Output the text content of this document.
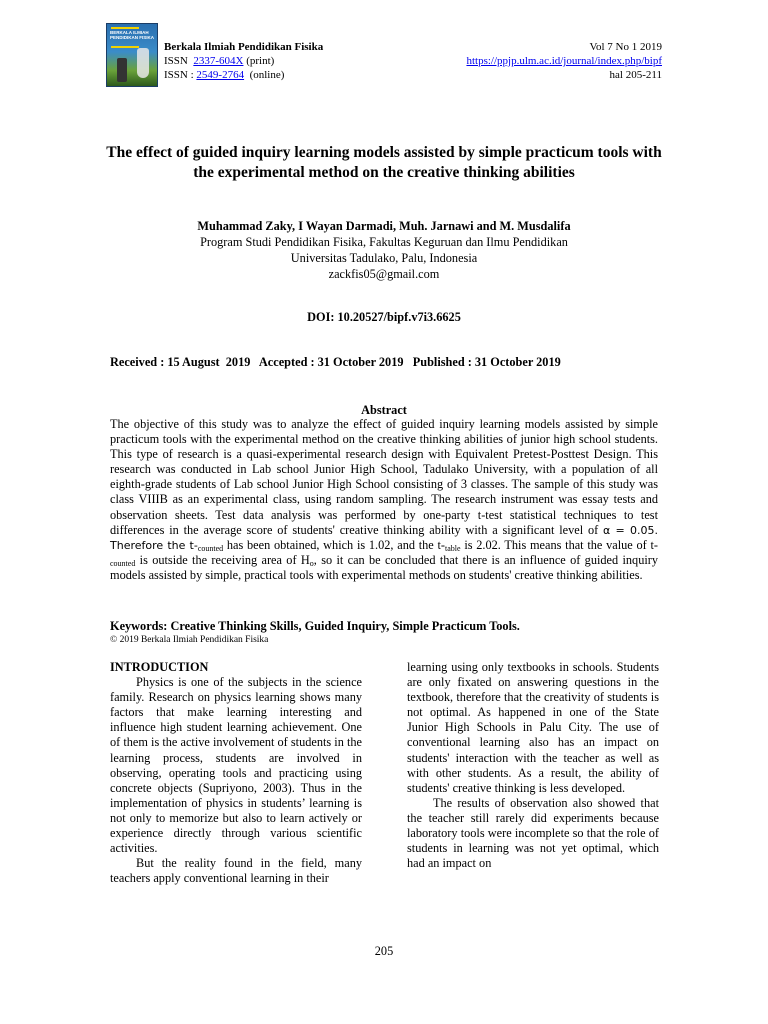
BERKALA ILMIAH PENDIDIKAN FISIKA
Berkala Ilmiah Pendidikan Fisika
ISSN 2337-604X (print)
ISSN : 2549-2764 (online)
Vol 7 No 1 2019
https://ppjp.ulm.ac.id/journal/index.php/bipf
hal 205-211
The effect of guided inquiry learning models assisted by simple practicum tools with the experimental method on the creative thinking abilities
Muhammad Zaky, I Wayan Darmadi, Muh. Jarnawi and M. Musdalifa
Program Studi Pendidikan Fisika, Fakultas Keguruan dan Ilmu Pendidikan
Universitas Tadulako, Palu, Indonesia
zackfis05@gmail.com
DOI: 10.20527/bipf.v7i3.6625
Received : 15 August  2019   Accepted : 31 October 2019   Published : 31 October 2019
Abstract
The objective of this study was to analyze the effect of guided inquiry learning models assisted by simple practicum tools with the experimental method on the creative thinking abilities of junior high school students. This type of research is a quasi-experimental research design with Equivalent Pretest-Posttest Design. This research was conducted in Lab school Junior High School, Tadulako University, with a population of all eighth-grade students of Lab school Junior High School consisting of 3 classes. The sample of this study was class VIIIB as an experimental class, using random sampling. The research instrument was essay tests and observation sheets. Test data analysis was performed by one-party t-test statistical techniques to test differences in the average score of students' creative thinking ability with a significant level of α = 0.05. Therefore the $t-_{counted}$ has been obtained, which is 1.02, and the $t-_{table}$ is 2.02. This means that the value of $t-_{counted}$ is outside the receiving area of $H_o$, so it can be concluded that there is an influence of guided inquiry models assisted by simple, practical tools with experimental methods on students' creative thinking abilities.
Keywords: Creative Thinking Skills, Guided Inquiry, Simple Practicum Tools.
© 2019 Berkala Ilmiah Pendidikan Fisika

INTRODUCTION

Physics is one of the subjects in the science family. Research on physics learning shows many factors that make learning interesting and influence high student learning achievement. One of them is the active involvement of students in the learning process, students are involved in observing, operating tools and practicing using concrete objects (Supriyono, 2003). Thus in the implementation of physics in students’ learning is not only to memorize but also to learn actively or experience directly through various scientific activities.

But the reality found in the field, many teachers apply conventional learning in their

learning using only textbooks in schools. Students are only fixated on answering questions in the textbook, therefore that the creativity of students is not optimal. As happened in one of the State Junior High Schools in Palu City. The use of conventional learning also has an impact on students' interaction with the teacher as well as with other students. As a result, the ability of students' creative thinking is less developed.

The results of observation also showed that the teacher still rarely did experiments because laboratory tools were incomplete so that the role of students in learning was not yet optimal, which had an impact on

205
